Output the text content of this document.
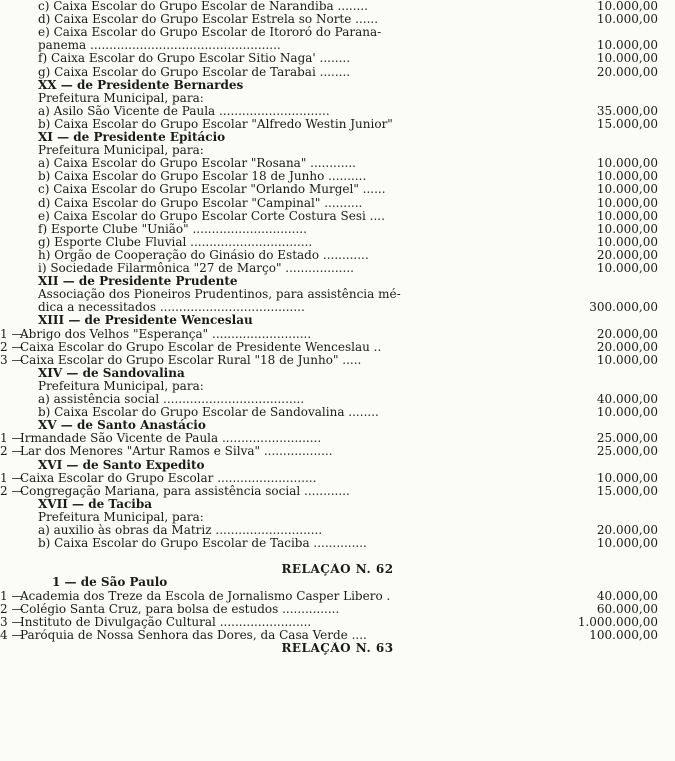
c) Caixa Escolar do Grupo Escolar de Narandiba ........	10.000,00
d) Caixa Escolar do Grupo Escolar Estrela so Norte ......	10.000,00
e) Caixa Escolar do Grupo Escolar de Itororó do Parana-
panema ..................................................	10.000,00
f) Caixa Escolar do Grupo Escolar Sitio Naga' ........	10.000,00
g) Caixa Escolar do Grupo Escolar de Tarabai ........	20.000,00
XX — de Presidente Bernardes
Prefeitura Municipal, para:
a) Asilo São Vicente de Paula .............................	35.000,00
b) Caixa Escolar do Grupo Escolar "Alfredo Westin Junior"	15.000,00
XI — de Presidente Epitácio
Prefeitura Municipal, para:
a) Caixa Escolar do Grupo Escolar "Rosana" ............	10.000,00
b) Caixa Escolar do Grupo Escolar 18 de Junho ..........	10.000,00
c) Caixa Escolar do Grupo Escolar "Orlando Murgel" ......	10.000,00
d) Caixa Escolar do Grupo Escolar "Campinal" ..........	10.000,00
e) Caixa Escolar do Grupo Escolar Corte Costura Sesi ....	10.000,00
f) Esporte Clube "União" ..............................	10.000,00
g) Esporte Clube Fluvial ................................	10.000,00
h) Orgão de Cooperação do Ginásio do Estado ............	20.000,00
i) Sociedade Filarmônica "27 de Março" ..................	10.000,00
XII — de Presidente Prudente
Associação dos Pioneiros Prudentinos, para assistência mé-
dica a necessitados ......................................	300.000,00
XIII — de Presidente Wenceslau
1 —
Abrigo dos Velhos "Esperança" ..........................	20.000,00
2 —
Caixa Escolar do Grupo Escolar de Presidente Wenceslau ..	20.000,00
3 —
Caixa Escolar do Grupo Escolar Rural "18 de Junho" .....	10.000,00
XIV — de Sandovalina
Prefeitura Municipal, para:
a) assistência social .....................................	40.000,00
b) Caixa Escolar do Grupo Escolar de Sandovalina ........	10.000,00
XV — de Santo Anastácio
1 —
Irmandade São Vicente de Paula ..........................	25.000,00
2 —
Lar dos Menores "Artur Ramos e Silva" ..................	25.000,00
XVI — de Santo Expedito
1 —
Caixa Escolar do Grupo Escolar ..........................	10.000,00
2 —
Congregação Mariana, para assistência social ............	15.000,00
XVII — de Taciba
Prefeitura Municipal, para:
a) auxilio às obras da Matriz ............................	20.000,00
b) Caixa Escolar do Grupo Escolar de Taciba ..............	10.000,00
RELAÇÃO N. 62
1 — de São Paulo
1 —
Academia dos Treze da Escola de Jornalismo Casper Libero .	40.000,00
2 —
Colégio Santa Cruz, para bolsa de estudos ...............	60.000,00
3 —
Instituto de Divulgação Cultural ........................	1.000.000,00
4 —
Paróquia de Nossa Senhora das Dores, da Casa Verde ....	100.000,00
RELAÇÃO N. 63
